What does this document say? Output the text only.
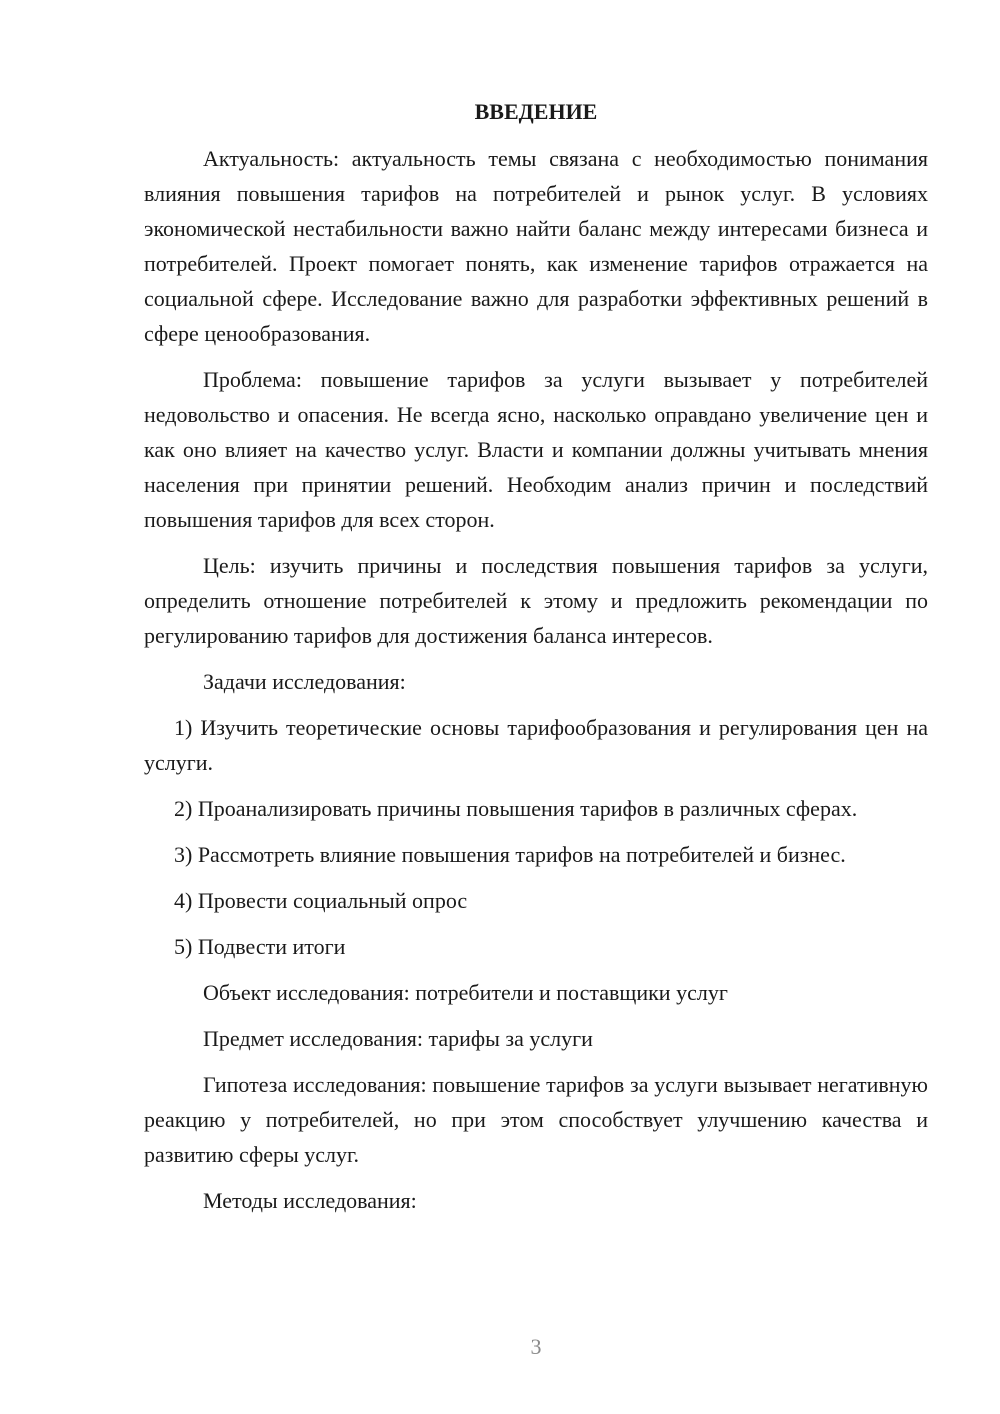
ВВЕДЕНИЕ

Актуальность: актуальность темы связана с необходимостью понимания влияния повышения тарифов на потребителей и рынок услуг. В условиях экономической нестабильности важно найти баланс между интересами бизнеса и потребителей. Проект помогает понять, как изменение тарифов отражается на социальной сфере. Исследование важно для разработки эффективных решений в сфере ценообразования.

Проблема: повышение тарифов за услуги вызывает у потребителей недовольство и опасения. Не всегда ясно, насколько оправдано увеличение цен и как оно влияет на качество услуг. Власти и компании должны учитывать мнения населения при принятии решений. Необходим анализ причин и последствий повышения тарифов для всех сторон.

Цель: изучить причины и последствия повышения тарифов за услуги, определить отношение потребителей к этому и предложить рекомендации по регулированию тарифов для достижения баланса интересов.

Задачи исследования:

1) Изучить теоретические основы тарифообразования и регулирования цен на услуги.

2) Проанализировать причины повышения тарифов в различных сферах.

3) Рассмотреть влияние повышения тарифов на потребителей и бизнес.

4) Провести социальный опрос

5) Подвести итоги

Объект исследования: потребители и поставщики услуг

Предмет исследования: тарифы за услуги

Гипотеза исследования: повышение тарифов за услуги вызывает негативную реакцию у потребителей, но при этом способствует улучшению качества и развитию сферы услуг.

Методы исследования:

3
